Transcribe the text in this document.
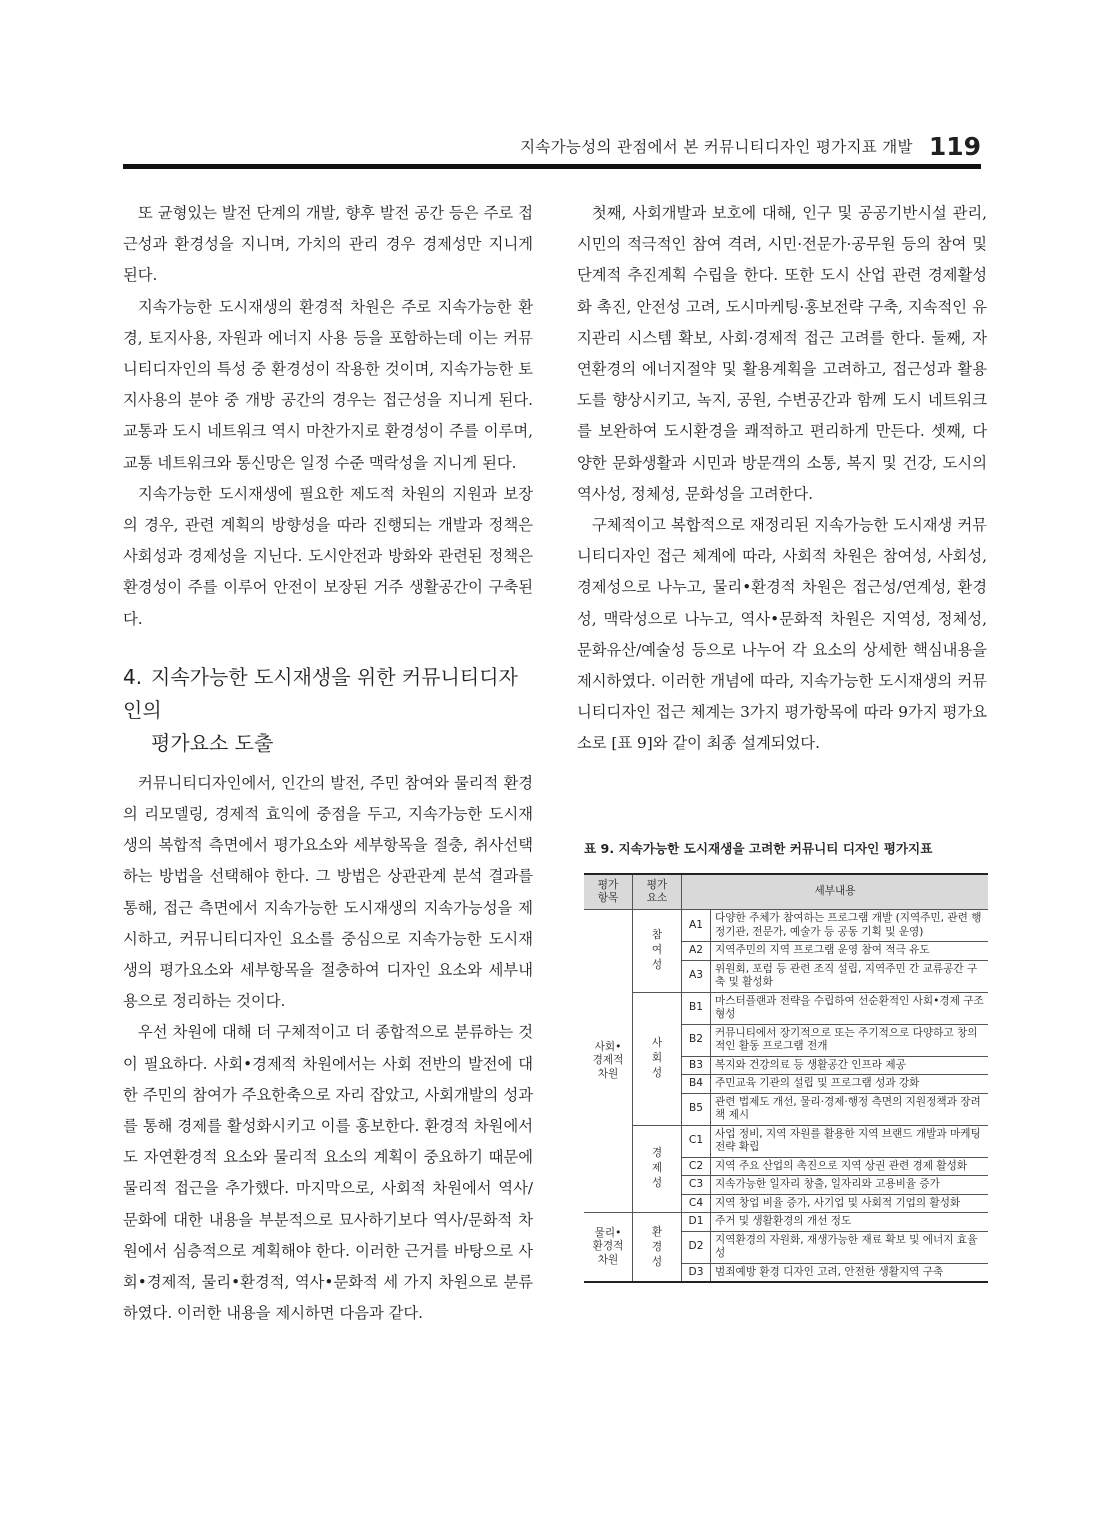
지속가능성의 관점에서 본 커뮤니티디자인 평가지표 개발 119

또 균형있는 발전 단계의 개발, 향후 발전 공간 등은 주로 접근성과 환경성을 지니며, 가치의 관리 경우 경제성만 지니게 된다.

지속가능한 도시재생의 환경적 차원은 주로 지속가능한 환경, 토지사용, 자원과 에너지 사용 등을 포함하는데 이는 커뮤니티디자인의 특성 중 환경성이 작용한 것이며, 지속가능한 토지사용의 분야 중 개방 공간의 경우는 접근성을 지니게 된다. 교통과 도시 네트워크 역시 마찬가지로 환경성이 주를 이루며, 교통 네트워크와 통신망은 일정 수준 맥락성을 지니게 된다.

지속가능한 도시재생에 필요한 제도적 차원의 지원과 보장의 경우, 관련 계획의 방향성을 따라 진행되는 개발과 정책은 사회성과 경제성을 지닌다. 도시안전과 방화와 관련된 정책은 환경성이 주를 이루어 안전이 보장된 거주 생활공간이 구축된다.

4. 지속가능한 도시재생을 위한 커뮤니티디자인의
평가요소 도출

커뮤니티디자인에서, 인간의 발전, 주민 참여와 물리적 환경의 리모델링, 경제적 효익에 중점을 두고, 지속가능한 도시재생의 복합적 측면에서 평가요소와 세부항목을 절충, 취사선택하는 방법을 선택해야 한다. 그 방법은 상관관계 분석 결과를 통해, 접근 측면에서 지속가능한 도시재생의 지속가능성을 제시하고, 커뮤니티디자인 요소를 중심으로 지속가능한 도시재생의 평가요소와 세부항목을 절충하여 디자인 요소와 세부내용으로 정리하는 것이다.

우선 차원에 대해 더 구체적이고 더 종합적으로 분류하는 것이 필요하다. 사회•경제적 차원에서는 사회 전반의 발전에 대한 주민의 참여가 주요한축으로 자리 잡았고, 사회개발의 성과를 통해 경제를 활성화시키고 이를 홍보한다. 환경적 차원에서도 자연환경적 요소와 물리적 요소의 계획이 중요하기 때문에 물리적 접근을 추가했다. 마지막으로, 사회적 차원에서 역사/문화에 대한 내용을 부분적으로 묘사하기보다 역사/문화적 차원에서 심층적으로 계획해야 한다. 이러한 근거를 바탕으로 사회•경제적, 물리•환경적, 역사•문화적 세 가지 차원으로 분류하였다. 이러한 내용을 제시하면 다음과 같다.

첫째, 사회개발과 보호에 대해, 인구 및 공공기반시설 관리, 시민의 적극적인 참여 격려, 시민·전문가·공무원 등의 참여 및 단계적 추진계획 수립을 한다. 또한 도시 산업 관련 경제활성화 촉진, 안전성 고려, 도시마케팅·홍보전략 구축, 지속적인 유지관리 시스템 확보, 사회·경제적 접근 고려를 한다. 둘째, 자연환경의 에너지절약 및 활용계획을 고려하고, 접근성과 활용도를 향상시키고, 녹지, 공원, 수변공간과 함께 도시 네트워크를 보완하여 도시환경을 쾌적하고 편리하게 만든다. 셋째, 다양한 문화생활과 시민과 방문객의 소통, 복지 및 건강, 도시의 역사성, 정체성, 문화성을 고려한다.

구체적이고 복합적으로 재정리된 지속가능한 도시재생 커뮤니티디자인 접근 체계에 따라, 사회적 차원은 참여성, 사회성, 경제성으로 나누고, 물리•환경적 차원은 접근성/연계성, 환경성, 맥락성으로 나누고, 역사•문화적 차원은 지역성, 정체성, 문화유산/예술성 등으로 나누어 각 요소의 상세한 핵심내용을 제시하였다. 이러한 개념에 따라, 지속가능한 도시재생의 커뮤니티디자인 접근 체계는 3가지 평가항목에 따라 9가지 평가요소로 [표 9]와 같이 최종 설계되었다.

표 9. 지속가능한 도시재생을 고려한 커뮤니티 디자인 평가지표
평가
항목	평가
요소	세부내용	
사회•
경제적
차원	참여성	A1	다양한 주체가 참여하는 프로그램 개발 (지역주민, 관련 행정기관, 전문가, 예술가 등 공동 기획 및 운영)
		A2	지역주민의 지역 프로그램 운영 참여 적극 유도
		A3	위원회, 포럼 등 관련 조직 설립, 지역주민 간 교류공간 구축 및 활성화
	사회성	B1	마스터플랜과 전략을 수립하여 선순환적인 사회•경제 구조 형성
		B2	커뮤니티에서 장기적으로 또는 주기적으로 다양하고 창의적인 활동 프로그램 전개
		B3	복지와 건강의료 등 생활공간 인프라 제공
		B4	주민교육 기관의 설립 및 프로그램 성과 강화
		B5	관련 법제도 개선, 물리·경제·행정 측면의 지원정책과 장려책 제시
	경제성	C1	사업 정비, 지역 자원를 활용한 지역 브랜드 개발과 마케팅 전략 확립
		C2	지역 주요 산업의 촉진으로 지역 상권 관련 경제 활성화
		C3	지속가능한 일자리 창출, 일자리와 고용비율 증가
		C4	지역 창업 비율 증가, 사기업 및 사회적 기업의 활성화
물리•
환경적
차원	환경성	D1	주거 및 생활환경의 개선 정도
		D2	지역환경의 자원화, 재생가능한 재료 확보 및 에너지 효율성
		D3	범죄예방 환경 디자인 고려, 안전한 생활지역 구축
